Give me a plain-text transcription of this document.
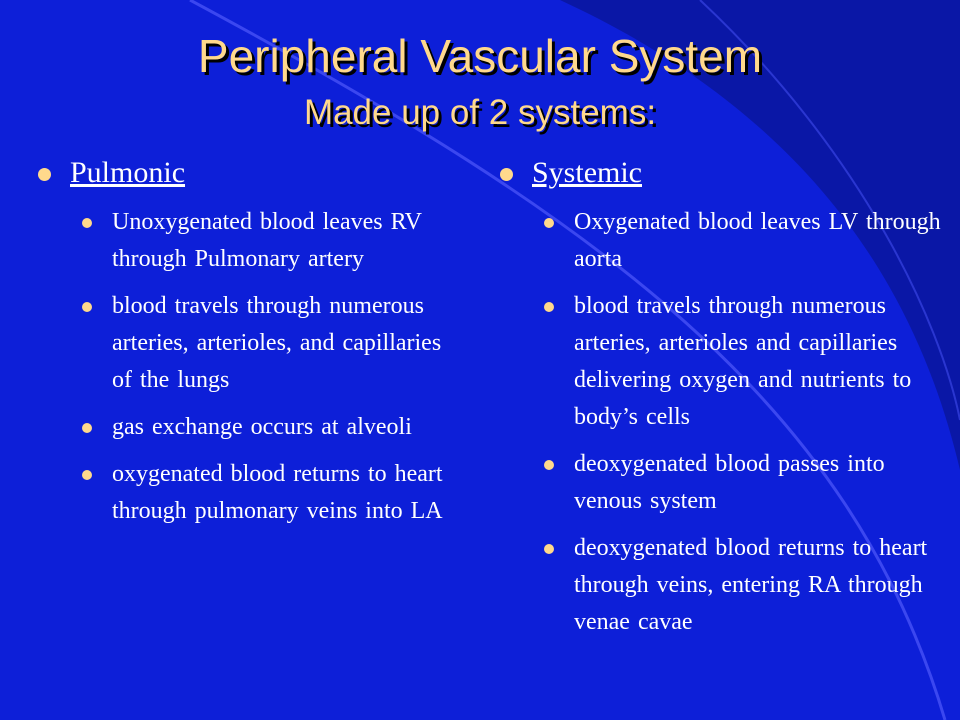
Peripheral Vascular System
Made up of 2 systems:
Pulmonic
Unoxygenated blood leaves RV through Pulmonary artery
blood travels through numerous arteries, arterioles, and capillaries of the lungs
gas exchange occurs at alveoli
oxygenated blood returns to heart through pulmonary veins into LA
Systemic
Oxygenated blood leaves LV through aorta
blood travels through numerous arteries, arterioles and capillaries delivering oxygen and nutrients to body’s cells
deoxygenated blood passes into venous system
deoxygenated blood returns to heart through veins, entering RA through venae cavae
